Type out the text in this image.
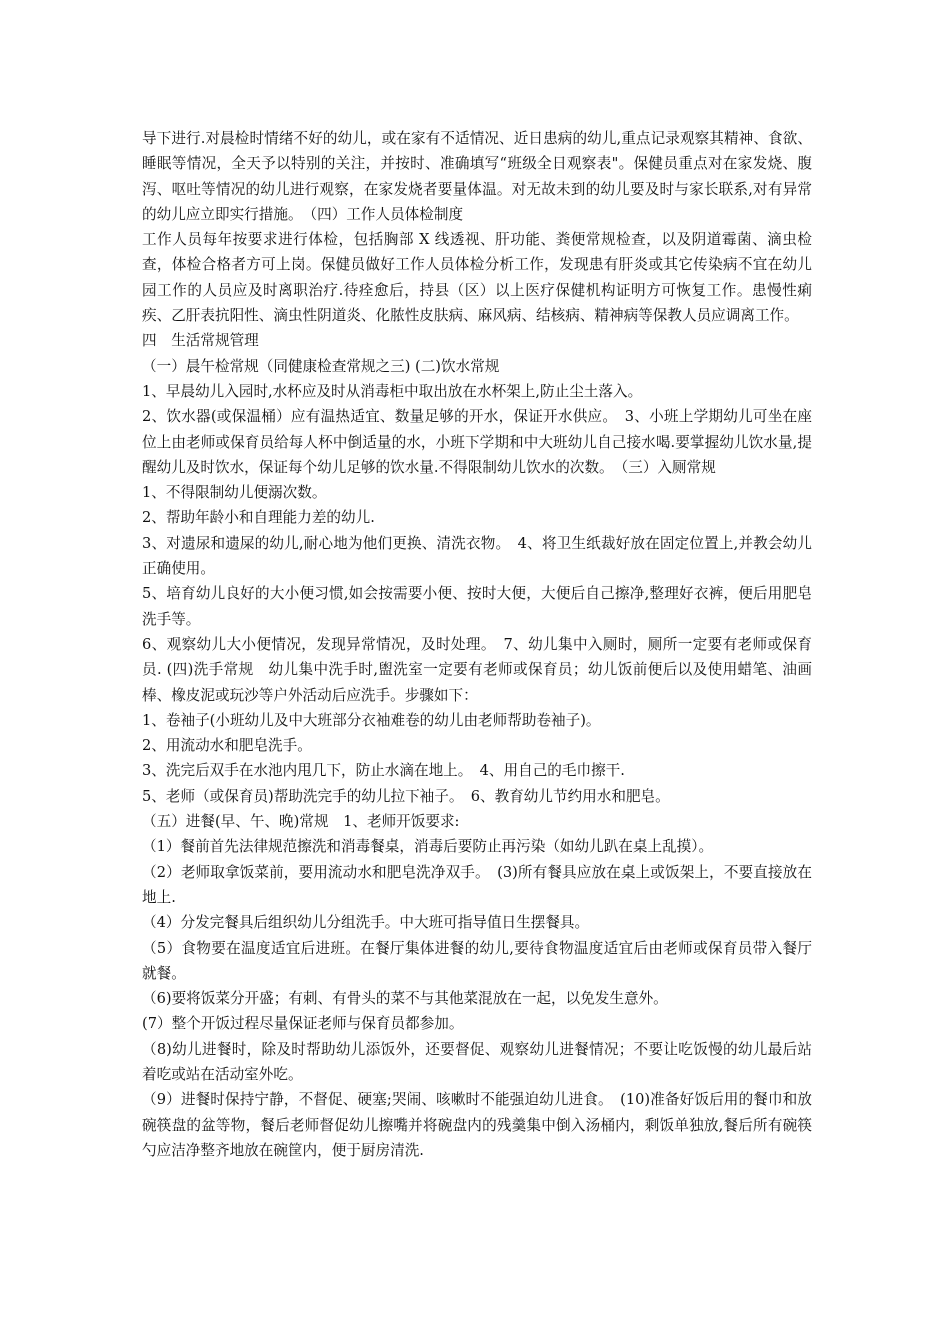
导下进行.对晨检时情绪不好的幼儿，或在家有不适情况、近日患病的幼儿,重点记录观察其精神、食欲、睡眠等情况，全天予以特别的关注，并按时、准确填写“班级全日观察表"。保健员重点对在家发烧、腹泻、呕吐等情况的幼儿进行观察，在家发烧者要量体温。对无故未到的幼儿要及时与家长联系,对有异常的幼儿应立即实行措施。　（四）工作人员体检制度

工作人员每年按要求进行体检，包括胸部 X 线透视、肝功能、粪便常规检查，以及阴道霉菌、滴虫检查，体检合格者方可上岗。保健员做好工作人员体检分析工作，发现患有肝炎或其它传染病不宜在幼儿园工作的人员应及时离职治疗.待痊愈后，持县（区）以上医疗保健机构证明方可恢复工作。患慢性痢疾、乙肝表抗阳性、滴虫性阴道炎、化脓性皮肤病、麻风病、结核病、精神病等保教人员应调离工作。

四　生活常规管理

（一）晨午检常规（同健康检查常规之三) (二)饮水常规

1、早晨幼儿入园时,水杯应及时从消毒柜中取出放在水杯架上,防止尘土落入。

2、饮水器(或保温桶）应有温热适宜、数量足够的开水，保证开水供应。　3、小班上学期幼儿可坐在座位上由老师或保育员给每人杯中倒适量的水，小班下学期和中大班幼儿自己接水喝.要掌握幼儿饮水量,提醒幼儿及时饮水，保证每个幼儿足够的饮水量.不得限制幼儿饮水的次数。　（三）入厕常规

1、不得限制幼儿便溺次数。

2、帮助年龄小和自理能力差的幼儿.

3、对遗尿和遗屎的幼儿,耐心地为他们更换、清洗衣物。　4、将卫生纸裁好放在固定位置上,并教会幼儿正确使用。

5、培育幼儿良好的大小便习惯,如会按需要小便、按时大便，大便后自己擦净,整理好衣裤，便后用肥皂洗手等。

6、观察幼儿大小便情况，发现异常情况，及时处理。　7、幼儿集中入厕时，厕所一定要有老师或保育员. (四)洗手常规　幼儿集中洗手时,盥洗室一定要有老师或保育员；幼儿饭前便后以及使用蜡笔、油画棒、橡皮泥或玩沙等户外活动后应洗手。步骤如下：

1、卷袖子(小班幼儿及中大班部分衣袖难卷的幼儿由老师帮助卷袖子)。

2、用流动水和肥皂洗手。

3、洗完后双手在水池内甩几下，防止水滴在地上。　4、用自己的毛巾擦干.

5、老师（或保育员)帮助洗完手的幼儿拉下袖子。　6、教育幼儿节约用水和肥皂。

（五）进餐(早、午、晚)常规　1、老师开饭要求:

（1）餐前首先法律规范擦洗和消毒餐桌，消毒后要防止再污染（如幼儿趴在桌上乱摸）。

（2）老师取拿饭菜前，要用流动水和肥皂洗净双手。　(3)所有餐具应放在桌上或饭架上，不要直接放在地上.

（4）分发完餐具后组织幼儿分组洗手。中大班可指导值日生摆餐具。

（5）食物要在温度适宜后进班。在餐厅集体进餐的幼儿,要待食物温度适宜后由老师或保育员带入餐厅就餐。

（6)要将饭菜分开盛；有刺、有骨头的菜不与其他菜混放在一起，以免发生意外。

(7）整个开饭过程尽量保证老师与保育员都参加。

（8)幼儿进餐时，除及时帮助幼儿添饭外，还要督促、观察幼儿进餐情况；不要让吃饭慢的幼儿最后站着吃或站在活动室外吃。

（9）进餐时保持宁静，不督促、硬塞;哭闹、咳嗽时不能强迫幼儿进食。　(10)准备好饭后用的餐巾和放碗筷盘的盆等物，餐后老师督促幼儿擦嘴并将碗盘内的残羹集中倒入汤桶内，剩饭单独放,餐后所有碗筷勺应洁净整齐地放在碗筐内，便于厨房清洗.
